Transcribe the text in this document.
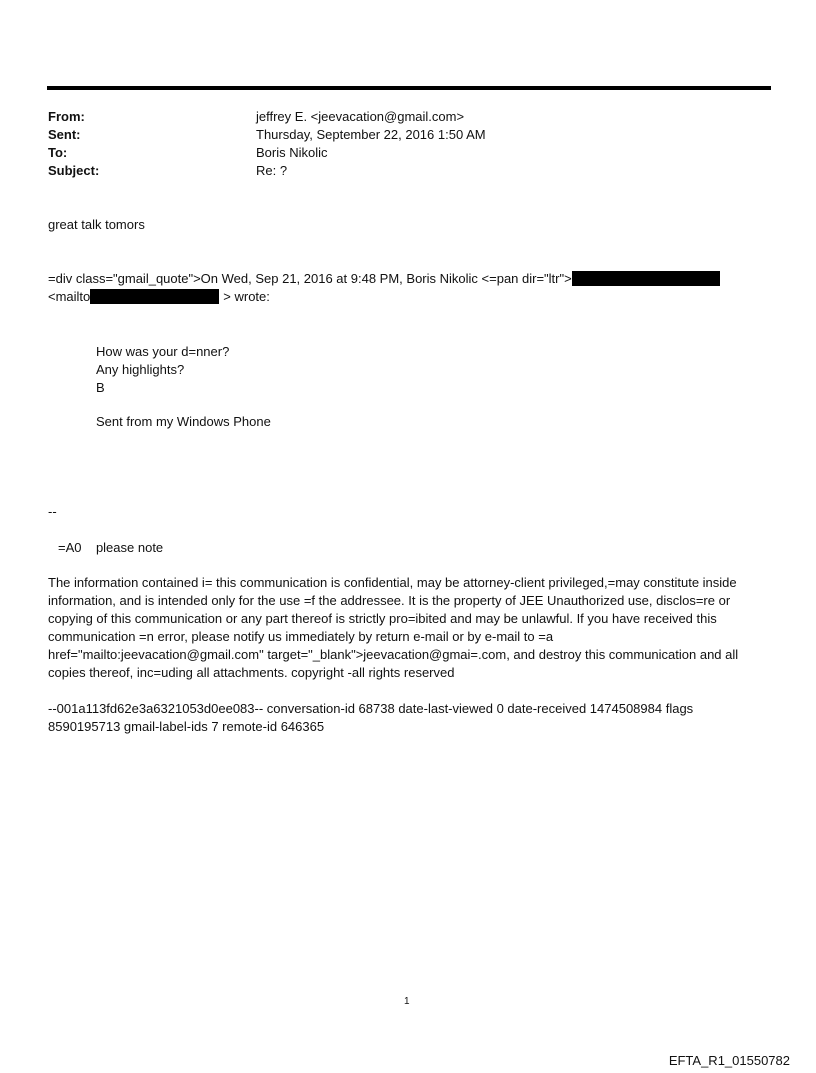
From:	jeffrey E. <jeevacation@gmail.com>
Sent:	Thursday, September 22, 2016 1:50 AM
To:	Boris Nikolic
Subject:	Re: ?
great talk tomors
=div class="gmail_quote">On Wed, Sep 21, 2016 at 9:48 PM, Boris Nikolic <=pan dir="ltr">
<mailto	> wrote:
How was your d=nner?
Any highlights?
B
Sent from my Windows Phone
--
=A0    please note
The information contained i= this communication is confidential, may be attorney-client privileged,=may constitute inside information, and is intended only for the use =f the addressee. It is the property of JEE Unauthorized use, disclos=re or copying of this communication or any part thereof is strictly pro=ibited and may be unlawful. If you have received this communication =n error, please notify us immediately by return e-mail or by e-mail to =a href="mailto:jeevacation@gmail.com" target="_blank">jeevacation@gmai=.com, and destroy this communication and all copies thereof, inc=uding all attachments. copyright -all rights reserved
--001a113fd62e3a6321053d0ee083-- conversation-id 68738 date-last-viewed 0 date-received 1474508984 flags 8590195713 gmail-label-ids 7 remote-id 646365
1
EFTA_R1_01550782
